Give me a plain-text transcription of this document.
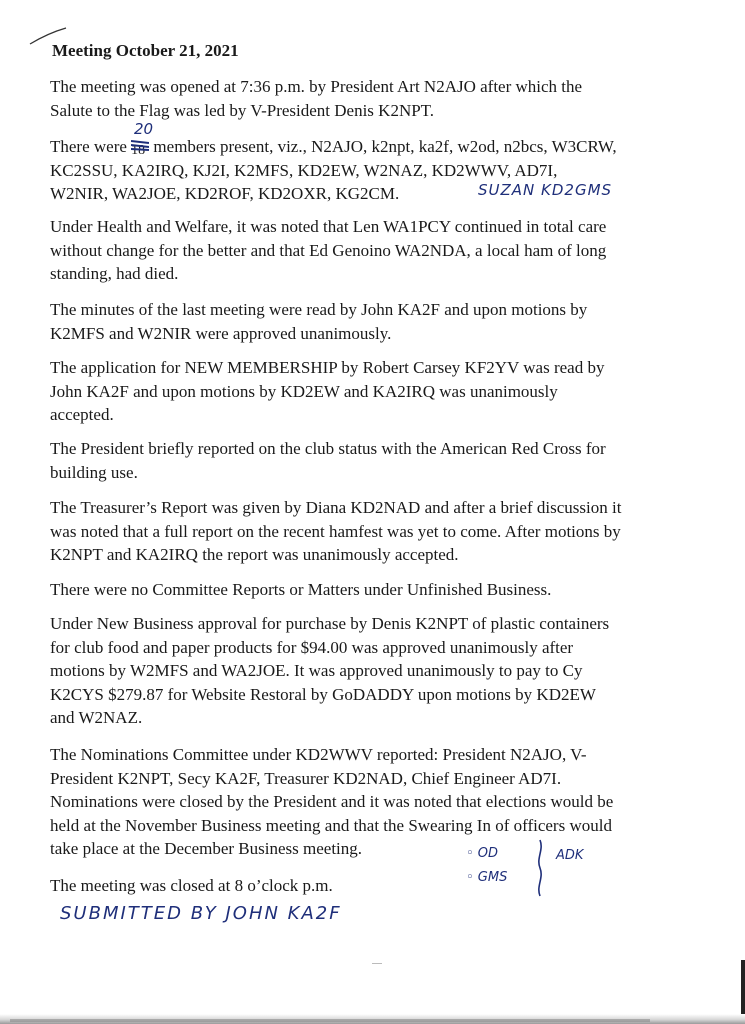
Meeting October 21, 2021
The meeting was opened at 7:36 p.m. by President Art N2AJO after which the
Salute to the Flag was led by V-President Denis K2NPT.
20
There were 18 members present, viz., N2AJO, k2npt, ka2f, w2od, n2bcs, W3CRW,
KC2SSU, KA2IRQ, KJ2I, K2MFS, KD2EW, W2NAZ, KD2WWV, AD7I,
W2NIR, WA2JOE, KD2ROF, KD2OXR, KG2CM.	SUZAN KD2GMS
Under Health and Welfare, it was noted that Len WA1PCY continued in total care
without change for the better and that Ed Genoino WA2NDA, a local ham of long
standing, had died.
The minutes of the last meeting were read by John KA2F and upon motions by
K2MFS and W2NIR were approved unanimously.
The application for NEW MEMBERSHIP by Robert Carsey KF2YV was read by
John KA2F and upon motions by KD2EW and KA2IRQ was unanimously
accepted.
The President briefly reported on the club status with the American Red Cross for
building use.
The Treasurer’s Report was given by Diana KD2NAD and after a brief discussion it
was noted that a full report on the recent hamfest was yet to come. After motions by
K2NPT and KA2IRQ the report was unanimously accepted.
There were no Committee Reports or Matters under Unfinished Business.
Under New Business approval for purchase by Denis K2NPT of plastic containers
for club food and paper products for $94.00 was approved unanimously after
motions by W2MFS and WA2JOE. It was approved unanimously to pay to Cy
K2CYS $279.87 for Website Restoral by GoDADDY upon motions by KD2EW
and W2NAZ.
The Nominations Committee under KD2WWV reported: President N2AJO, V-
President K2NPT, Secy KA2F, Treasurer KD2NAD, Chief Engineer AD7I.
Nominations were closed by the President and it was noted that elections would be
held at the November Business meeting and that the Swearing In of officers would
take place at the December Business meeting.	◦ OD
◦ GMS
ADK
The meeting was closed at 8 o’clock p.m.
SUBMITTED BY JOHN KA2F
